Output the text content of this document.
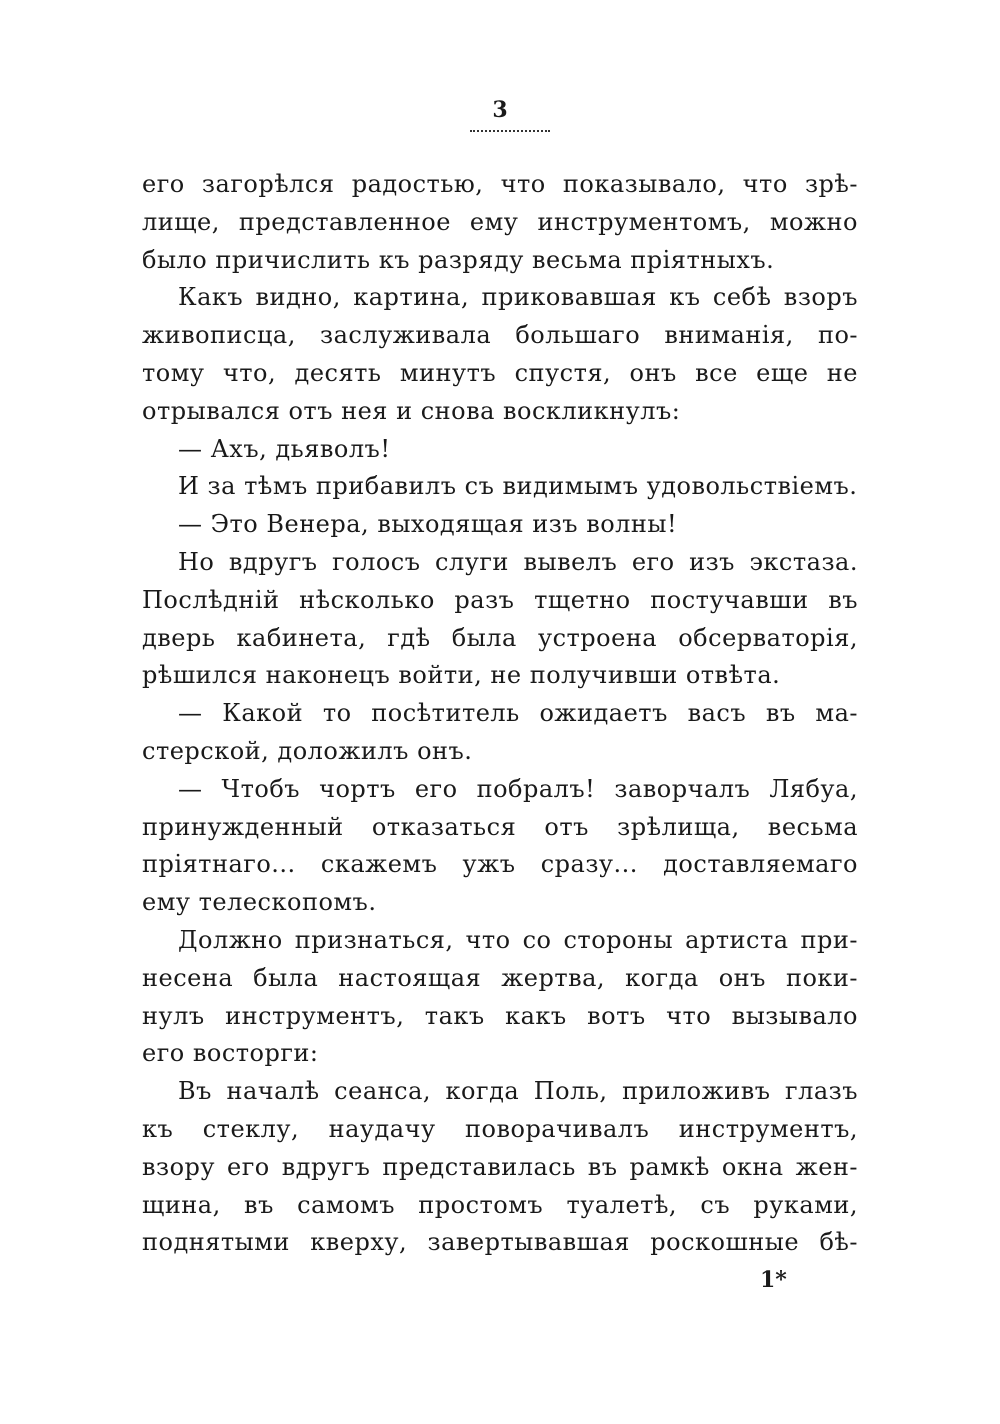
3
его загорѣлся радостью, что показывало, что зрѣ-
лище, представленное ему инструментомъ, можно
было причислить къ разряду весьма пріятныхъ.
Какъ видно, картина, приковавшая къ себѣ взоръ
живописца, заслуживала большаго вниманія, по-
тому что, десять минутъ спустя, онъ все еще не
отрывался отъ нея и снова воскликнулъ:
— Ахъ, дьяволъ!
И за тѣмъ прибавилъ съ видимымъ удовольствіемъ.
— Это Венера, выходящая изъ волны!
Но вдругъ голосъ слуги вывелъ его изъ экстаза.
Послѣдній нѣсколько разъ тщетно постучавши въ
дверь кабинета, гдѣ была устроена обсерваторія,
рѣшился наконецъ войти, не получивши отвѣта.
— Какой то посѣтитель ожидаетъ васъ въ ма-
стерской, доложилъ онъ.
— Чтобъ чортъ его побралъ! заворчалъ Лябуа,
принужденный отказаться отъ зрѣлища, весьма
пріятнаго... скажемъ ужъ сразу... доставляемаго
ему телескопомъ.
Должно признаться, что со стороны артиста при-
несена была настоящая жертва, когда онъ поки-
нулъ инструментъ, такъ какъ вотъ что вызывало
его восторги:
Въ началѣ сеанса, когда Поль, приложивъ глазъ
къ стеклу, наудачу поворачивалъ инструментъ,
взору его вдругъ представилась въ рамкѣ окна жен-
щина, въ самомъ простомъ туалетѣ, съ руками,
поднятыми кверху, завертывавшая роскошные бѣ-
1*
